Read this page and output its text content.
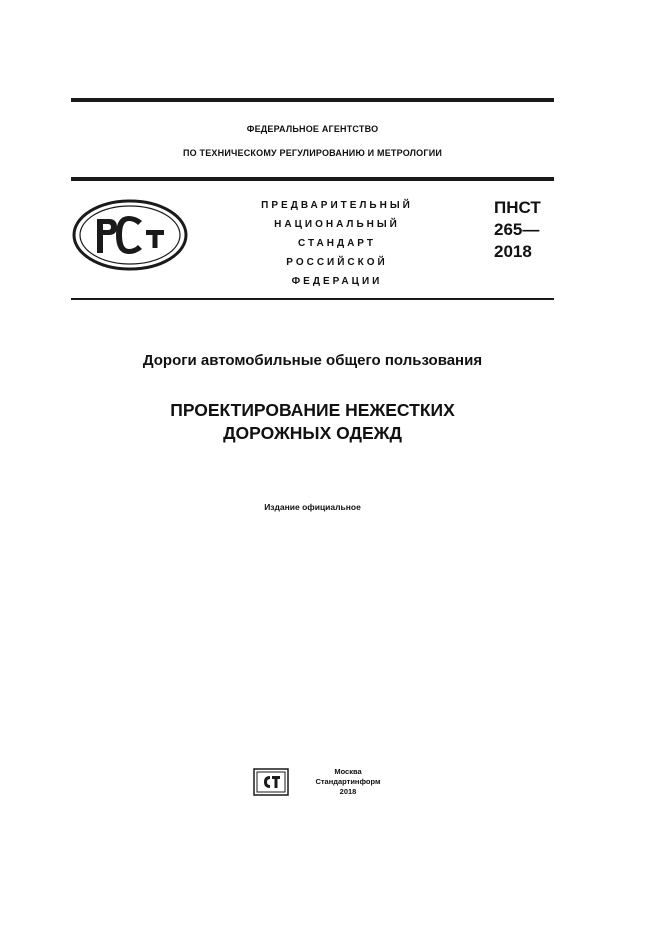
ФЕДЕРАЛЬНОЕ АГЕНТСТВО
ПО ТЕХНИЧЕСКОМУ РЕГУЛИРОВАНИЮ И МЕТРОЛОГИИ
ПРЕДВАРИТЕЛЬНЫЙ
НАЦИОНАЛЬНЫЙ
СТАНДАРТ
РОССИЙСКОЙ
ФЕДЕРАЦИИ
ПНСТ
265—
2018
Дороги автомобильные общего пользования
ПРОЕКТИРОВАНИЕ НЕЖЕСТКИХ
ДОРОЖНЫХ ОДЕЖД
Издание официальное
Москва
Стандартинформ
2018
